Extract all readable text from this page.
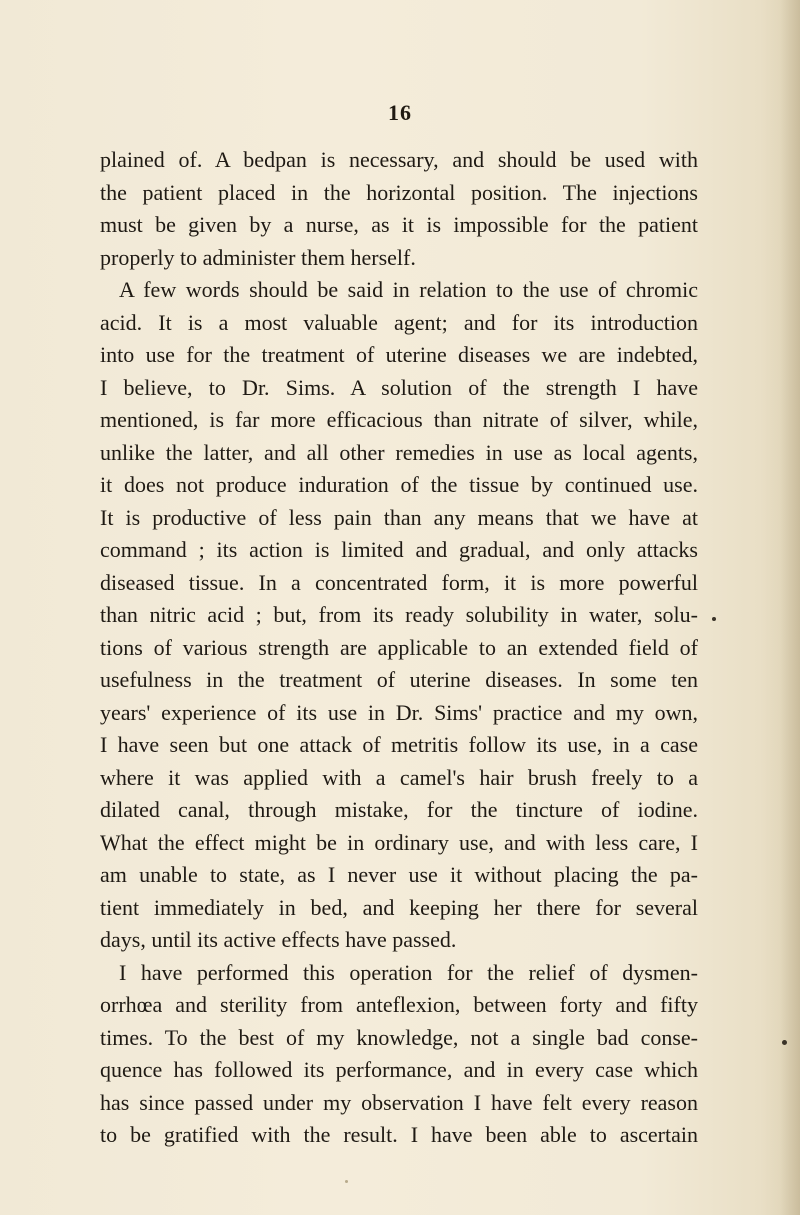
16
plained of. A bedpan is necessary, and should be used with
the patient placed in the horizontal position. The injections
must be given by a nurse, as it is impossible for the patient
properly to administer them herself.
A few words should be said in relation to the use of chromic
acid. It is a most valuable agent; and for its introduction
into use for the treatment of uterine diseases we are indebted,
I believe, to Dr. Sims. A solution of the strength I have
mentioned, is far more efficacious than nitrate of silver, while,
unlike the latter, and all other remedies in use as local agents,
it does not produce induration of the tissue by continued use.
It is productive of less pain than any means that we have at
command ; its action is limited and gradual, and only attacks
diseased tissue. In a concentrated form, it is more powerful
than nitric acid ; but, from its ready solubility in water, solu-
tions of various strength are applicable to an extended field of
usefulness in the treatment of uterine diseases. In some ten
years' experience of its use in Dr. Sims' practice and my own,
I have seen but one attack of metritis follow its use, in a case
where it was applied with a camel's hair brush freely to a
dilated canal, through mistake, for the tincture of iodine.
What the effect might be in ordinary use, and with less care, I
am unable to state, as I never use it without placing the pa-
tient immediately in bed, and keeping her there for several
days, until its active effects have passed.
I have performed this operation for the relief of dysmen-
orrhœa and sterility from anteflexion, between forty and fifty
times. To the best of my knowledge, not a single bad conse-
quence has followed its performance, and in every case which
has since passed under my observation I have felt every reason
to be gratified with the result. I have been able to ascertain
